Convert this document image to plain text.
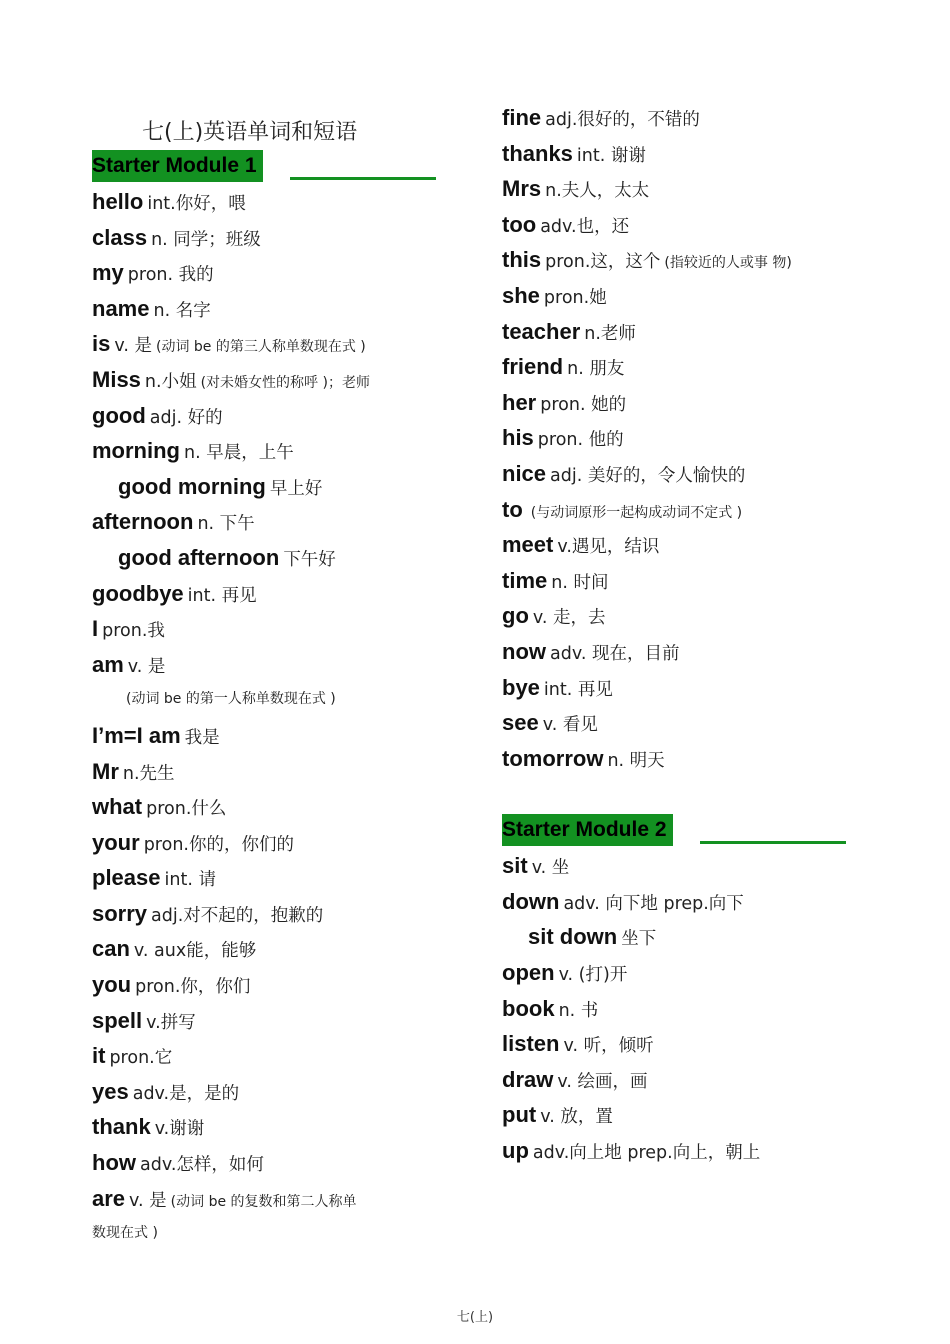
七(上)英语单词和短语
Starter Module 1
hello int.你好，喂
class n. 同学；班级
my pron. 我的
name n. 名字
is v. 是 (动词 be 的第三人称单数现在式 )
Miss n.小姐 (对未婚女性的称呼 )；老师
good adj. 好的
morning n. 早晨，上午
good morning 早上好
afternoon n. 下午
good afternoon 下午好
goodbye int. 再见
I pron.我
am v. 是
(动词 be 的第一人称单数现在式 )
I’m=I am 我是
Mr n.先生
what pron.什么
your pron.你的，你们的
please int. 请
sorry adj.对不起的，抱歉的
can v. aux能，能够
you pron.你，你们
spell v.拼写
it pron.它
yes adv.是，是的
thank v.谢谢
how adv.怎样，如何
are v. 是 (动词 be 的复数和第二人称单
数现在式 )
fine adj.很好的，不错的
thanks int. 谢谢
Mrs n.夫人，太太
too adv.也，还
this pron.这，这个 (指较近的人或事 物)
she pron.她
teacher n.老师
friend n. 朋友
her pron. 她的
his pron. 他的
nice adj. 美好的，令人愉快的
to (与动词原形一起构成动词不定式 )
meet v.遇见，结识
time n. 时间
go v. 走，去
now adv. 现在，目前
bye int. 再见
see v. 看见
tomorrow n. 明天
Starter Module 2
sit v. 坐
down adv. 向下地 prep.向下
sit down 坐下
open v. (打)开
book n. 书
listen v. 听，倾听
draw v. 绘画，画
put v. 放，置
up adv.向上地 prep.向上，朝上
七(上)
